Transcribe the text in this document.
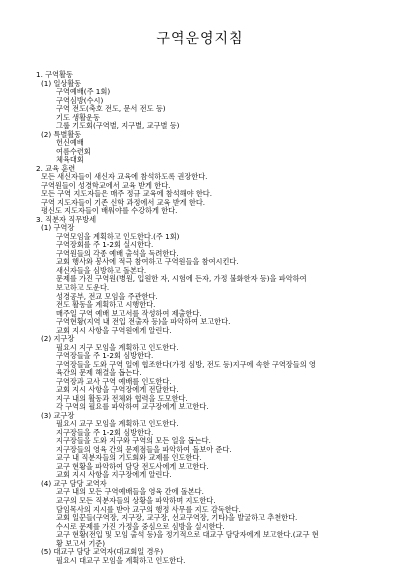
구역운영지침
1. 구역활동
(1) 일상활동
구역예배(주 1회)
구역심방(수시)
구역 전도(축호 전도, 문서 전도 등)
기도 생활운동
그룹 기도회(구역별, 지구별, 교구별 등)
(2) 특별활동
헌신예배
여름수련회
체육대회
2. 교육 훈련
모든 새신자들이 새신자 교육에 참석하도록 권장한다.
구역원들이 성경학교에서 교육 받게 한다.
모든 구역 지도자들은 매주 정규 교육에 참석해야 한다.
구역 지도자들이 기존 신학 과정에서 교육 받게 한다.
평신도 지도자들이 배워야를 수강하게 한다.
3. 직분자 직무방세
(1) 구역장
구역모임을 계획하고 인도한다.(주 1회)
구역장회를 주 1-2회 실시한다.
구역원들의 각종 예배 출석을 독려한다.
교회 행사와 봉사에 적극 참여하고 구역원들을 참여시킨다.
새신자들을 심방하고 돌본다.
문제를 가진 구역원(병원, 입원한 자, 시험에 든자, 가정 불화한자 등)을 파악하여
보고하고 도운다.
성경공부, 전교 모임을 주관한다.
전도 활동을 계획하고 시행한다.
매주일 구역 예배 보고서를 작성하여 제출한다.
구역현황(지역 내 전입 전출자 등)을 파악하여 보고한다.
교회 지시 사항을 구역원에게 알린다.
(2) 지구장
필요시 지구 모임을 계획하고 인도한다.
구역장들을 주 1-2회 심방한다.
구역장들을 도와 구역 일에 협조한다(가정 심방, 전도 등)지구에 속한 구역장들의 영
육간의 문제 해결을 돕는다.
구역장과 교사 구역 예배를 인도한다.
교회 지시 사항을 구역장에게 전달한다.
지구 내의 활동과 전체와 협력을 도모한다.
각 구역의 필요를 파악하여 교구장에게 보고한다.
(3) 교구장
필요시 교구 모임을 계획하고 인도한다.
지구장들을 주 1-2회 심방한다.
지구장들을 도와 지구와 구역의 모든 일을 돕는다.
지구장들의 영육 간의 문제점들을 파악하여 돌보아 준다.
교구 내 직분자들의 기도회와 교제를 인도한다.
교구 현황을 파악하여 담당 전도사에게 보고한다.
교회 지시 사항을 지구장에게 알린다.
(4) 교구 담당 교역자
교구 내의 모든 구역예배들을 영육 간에 돌본다.
교구의 모든 직분자들의 상황을 파악하며 지도한다.
담임목사의 지시를 받아 교구의 행정 사무를 지도 감독한다.
교회 일꾼들(구역장, 지구장, 교구장, 선교구역장, 기타)을 발굴하고 추천한다.
수시로 문제를 가진 가정을 중심으로 심방을 실시한다.
교구 현황(전입 및 모임 출석 등)을 정기적으로 대교구 담당자에게 보고한다.(교구 현
황 보고서 기준)
(5) 대교구 담당 교역자(대교회일 경우)
필요시 대교구 모임을 계획하고 인도한다.
